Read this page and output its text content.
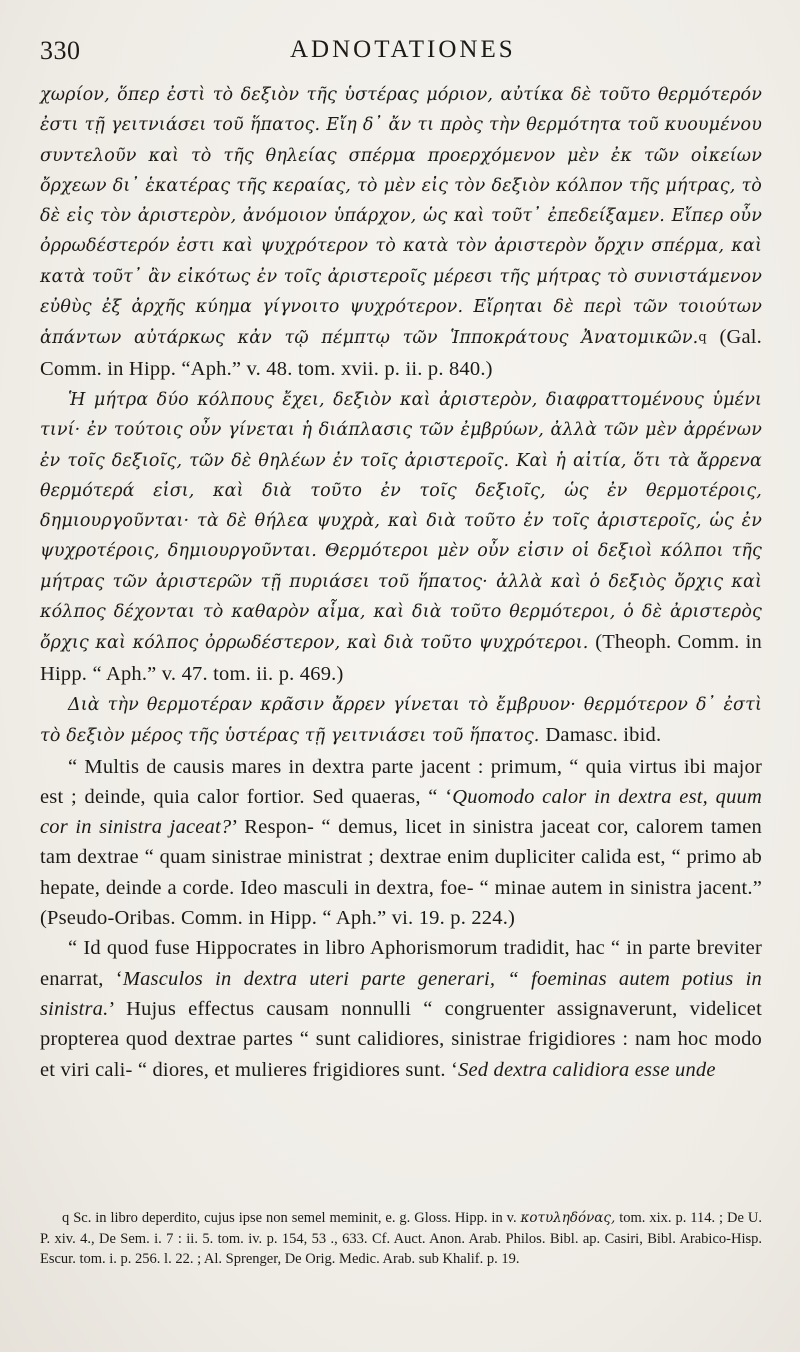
330	ADNOTATIONES

χωρίον, ὅπερ ἐστὶ τὸ δεξιὸν τῆς ὑστέρας μόριον, αὐτίκα δὲ τοῦτο θερμότερόν ἐστι τῇ γειτνιάσει τοῦ ἥπατος. Εἴη δ᾽ ἄν τι πρὸς τὴν θερμότητα τοῦ κυουμένου συντελοῦν καὶ τὸ τῆς θηλείας σπέρμα προερχόμενον μὲν ἐκ τῶν οἰκείων ὄρχεων δι᾽ ἑκατέρας τῆς κεραίας, τὸ μὲν εἰς τὸν δεξιὸν κόλπον τῆς μήτρας, τὸ δὲ εἰς τὸν ἀριστερὸν, ἀνόμοιον ὑπάρχον, ὡς καὶ τοῦτ᾽ ἐπεδείξαμεν. Εἴπερ οὖν ὀρρωδέστερόν ἐστι καὶ ψυχρότερον τὸ κατὰ τὸν ἀριστερὸν ὄρχιν σπέρμα, καὶ κατὰ τοῦτ᾽ ἂν εἰκότως ἐν τοῖς ἀριστεροῖς μέρεσι τῆς μήτρας τὸ συνιστάμενον εὐθὺς ἐξ ἀρχῆς κύημα γίγνοιτο ψυχρότερον. Εἴρηται δὲ περὶ τῶν τοιούτων ἁπάντων αὐτάρκως κἀν τῷ πέμπτῳ τῶν Ἱπποκράτους Ἀνατομικῶν.q (Gal. Comm. in Hipp. “Aph.” v. 48. tom. xvii. p. ii. p. 840.)

Ἡ μήτρα δύο κόλπους ἔχει, δεξιὸν καὶ ἀριστερὸν, διαφραττομένους ὑμένι τινί· ἐν τούτοις οὖν γίνεται ἡ διάπλασις τῶν ἐμβρύων, ἀλλὰ τῶν μὲν ἀρρένων ἐν τοῖς δεξιοῖς, τῶν δὲ θηλέων ἐν τοῖς ἀριστεροῖς. Καὶ ἡ αἰτία, ὅτι τὰ ἄρρενα θερμότερά εἰσι, καὶ διὰ τοῦτο ἐν τοῖς δεξιοῖς, ὡς ἐν θερμοτέροις, δημιουργοῦνται· τὰ δὲ θήλεα ψυχρὰ, καὶ διὰ τοῦτο ἐν τοῖς ἀριστεροῖς, ὡς ἐν ψυχροτέροις, δημιουργοῦνται. Θερμότεροι μὲν οὖν εἰσιν οἱ δεξιοὶ κόλποι τῆς μήτρας τῶν ἀριστερῶν τῇ πυριάσει τοῦ ἥπατος· ἀλλὰ καὶ ὁ δεξιὸς ὄρχις καὶ κόλπος δέχονται τὸ καθαρὸν αἷμα, καὶ διὰ τοῦτο θερμότεροι, ὁ δὲ ἀριστερὸς ὄρχις καὶ κόλπος ὀρρωδέστερον, καὶ διὰ τοῦτο ψυχρότεροι. (Theoph. Comm. in Hipp. “ Aph.” v. 47. tom. ii. p. 469.)

Διὰ τὴν θερμοτέραν κρᾶσιν ἄρρεν γίνεται τὸ ἔμβρυον· θερμότερον δ᾽ ἐστὶ τὸ δεξιὸν μέρος τῆς ὑστέρας τῇ γειτνιάσει τοῦ ἥπατος. Damasc. ibid.

“ Multis de causis mares in dextra parte jacent : primum, “ quia virtus ibi major est ; deinde, quia calor fortior. Sed quaeras, “ ‘Quomodo calor in dextra est, quum cor in sinistra jaceat?’ Respon- “ demus, licet in sinistra jaceat cor, calorem tamen tam dextrae “ quam sinistrae ministrat ; dextrae enim dupliciter calida est, “ primo ab hepate, deinde a corde. Ideo masculi in dextra, foe- “ minae autem in sinistra jacent.” (Pseudo-Oribas. Comm. in Hipp. “ Aph.” vi. 19. p. 224.)

“ Id quod fuse Hippocrates in libro Aphorismorum tradidit, hac “ in parte breviter enarrat, ‘Masculos in dextra uteri parte generari, “ foeminas autem potius in sinistra.’ Hujus effectus causam nonnulli “ congruenter assignaverunt, videlicet propterea quod dextrae partes “ sunt calidiores, sinistrae frigidiores : nam hoc modo et viri cali- “ diores, et mulieres frigidiores sunt. ‘Sed dextra calidiora esse unde

q Sc. in libro deperdito, cujus ipse non semel meminit, e. g. Gloss. Hipp. in v. κοτυληδόνας, tom. xix. p. 114. ; De U. P. xiv. 4., De Sem. i. 7 : ii. 5. tom. iv. p. 154, 53 ., 633. Cf. Auct. Anon. Arab. Philos. Bibl. ap. Casiri, Bibl. Arabico-Hisp. Escur. tom. i. p. 256. l. 22. ; Al. Sprenger, De Orig. Medic. Arab. sub Khalif. p. 19.
